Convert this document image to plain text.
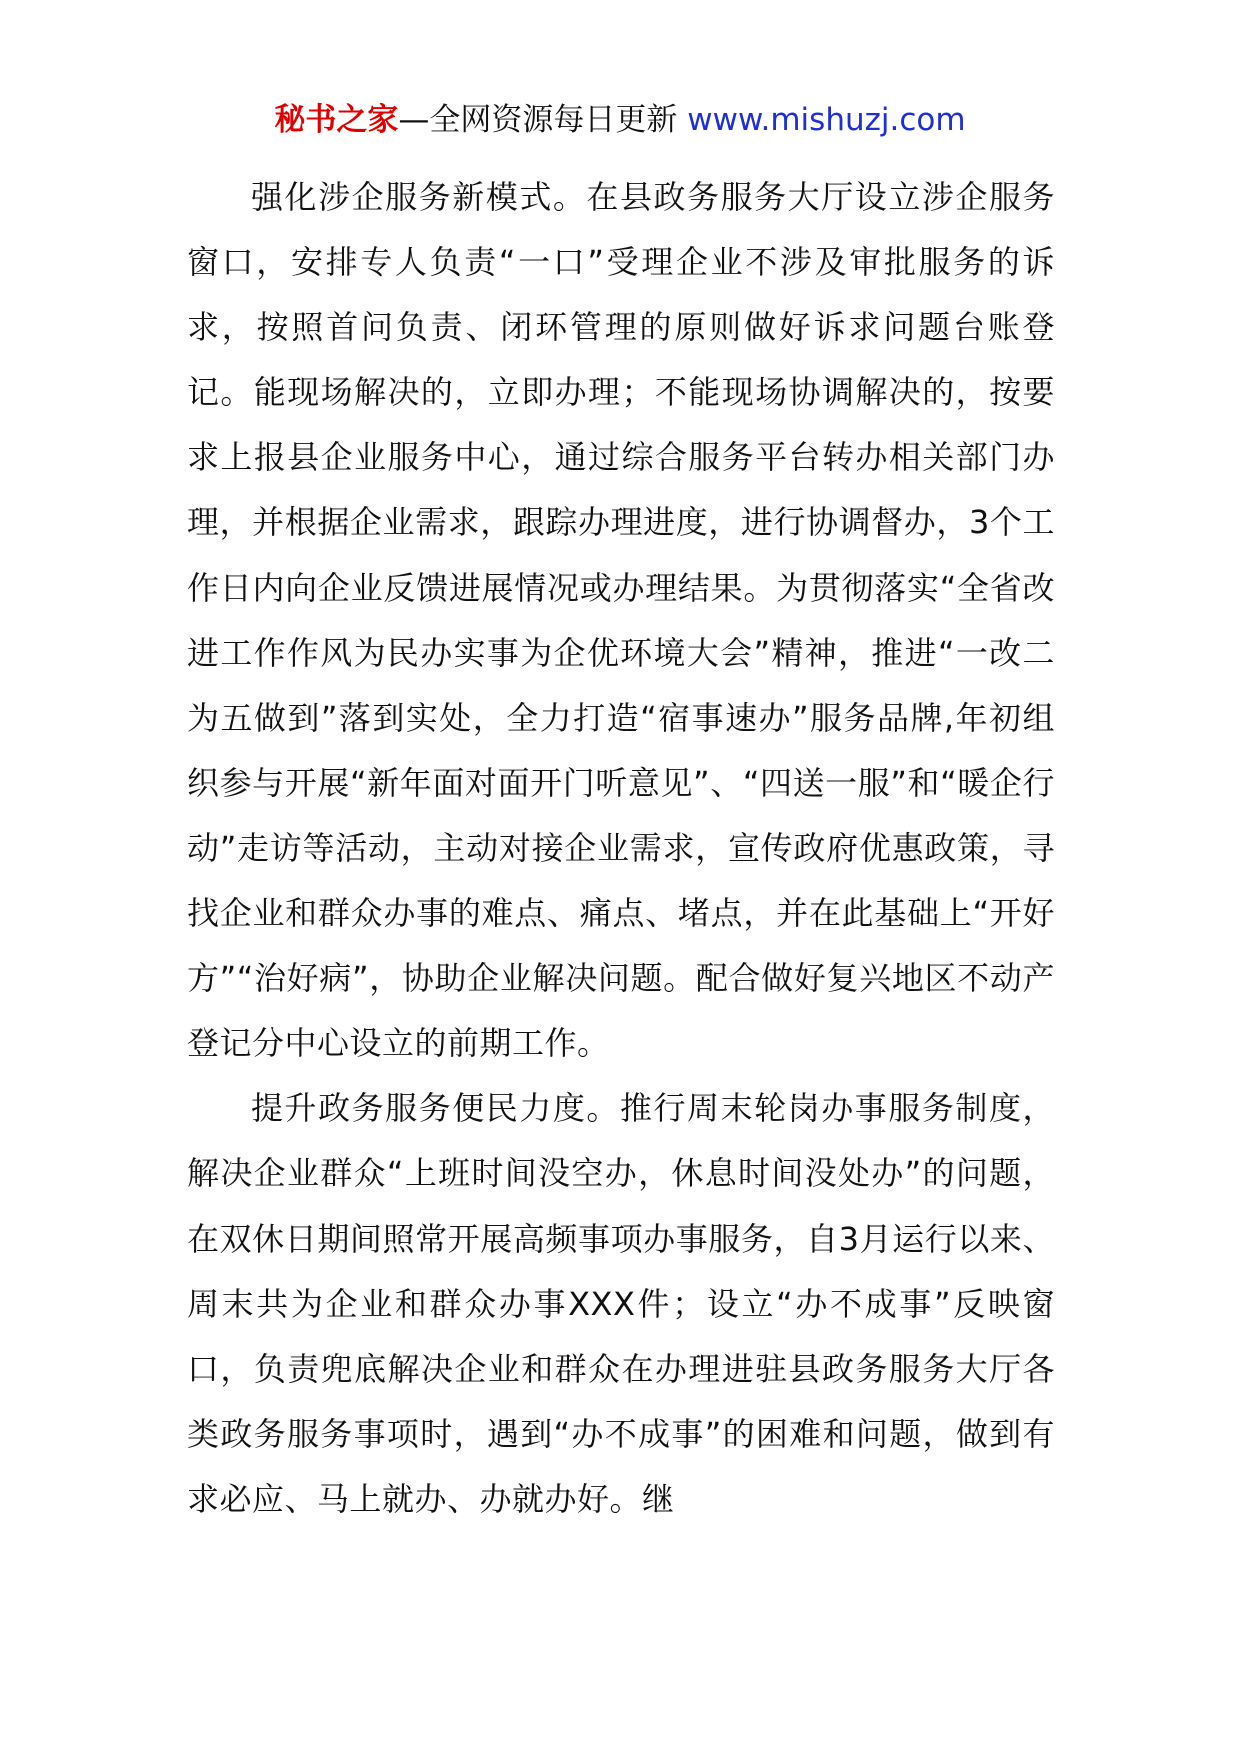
秘书之家—全网资源每日更新 www.mishuzj.com

强化涉企服务新模式。在县政务服务大厅设立涉企服务窗口，安排专人负责“一口”受理企业不涉及审批服务的诉求，按照首问负责、闭环管理的原则做好诉求问题台账登记。能现场解决的，立即办理；不能现场协调解决的，按要求上报县企业服务中心，通过综合服务平台转办相关部门办理，并根据企业需求，跟踪办理进度，进行协调督办，3个工作日内向企业反馈进展情况或办理结果。为贯彻落实“全省改进工作作风为民办实事为企优环境大会”精神，推进“一改二为五做到”落到实处，全力打造“宿事速办”服务品牌,年初组织参与开展“新年面对面开门听意见”、“四送一服”和“暖企行动”走访等活动，主动对接企业需求，宣传政府优惠政策，寻找企业和群众办事的难点、痛点、堵点，并在此基础上“开好方”“治好病”，协助企业解决问题。配合做好复兴地区不动产登记分中心设立的前期工作。

提升政务服务便民力度。推行周末轮岗办事服务制度，解决企业群众“上班时间没空办，休息时间没处办”的问题，在双休日期间照常开展高频事项办事服务，自3月运行以来、周末共为企业和群众办事XXX件；设立“办不成事”反映窗口，负责兜底解决企业和群众在办理进驻县政务服务大厅各类政务服务事项时，遇到“办不成事”的困难和问题，做到有求必应、马上就办、办就办好。继
